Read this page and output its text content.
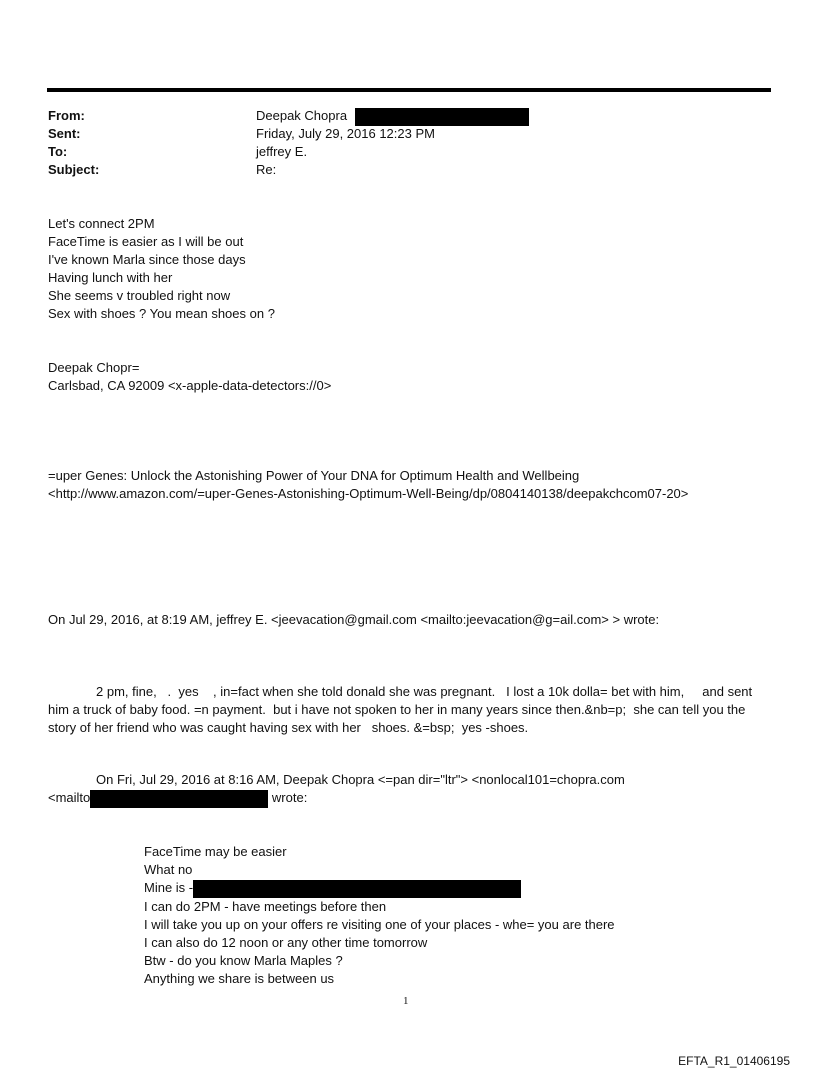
From:	Deepak Chopra
Sent:	Friday, July 29, 2016 12:23 PM
To:	jeffrey E.
Subject:	Re:
Let's connect 2PM
FaceTime is easier as I will be out
I've known Marla since those days
Having lunch with her
She seems v troubled right now
Sex with shoes ? You mean shoes on ?
Deepak Chopr=
Carlsbad, CA 92009 <x-apple-data-detectors://0>
=uper Genes: Unlock the Astonishing Power of Your DNA for Optimum Health and Wellbeing
<http://www.amazon.com/=uper-Genes-Astonishing-Optimum-Well-Being/dp/0804140138/deepakchcom07-20>
On Jul 29, 2016, at 8:19 AM, jeffrey E. <jeevacation@gmail.com <mailto:jeevacation@g=ail.com> > wrote:
2 pm, fine,   .  yes    , in=fact when she told donald she was pregnant.   I lost a 10k dolla= bet with him,     and sent him a truck of baby food. =n payment.  but i have not spoken to her in many years since then.&nb=p;  she can tell you the story of her friend who was caught having sex with her   shoes. &=bsp;  yes -shoes.
On Fri, Jul 29, 2016 at 8:16 AM, Deepak Chopra <=pan dir="ltr"> <nonlocal101=chopra.com
<mailto	wrote:
FaceTime may be easier
What no
Mine is -
I can do 2PM - have meetings before then
I will take you up on your offers re visiting one of your places - whe= you are there
I can also do 12 noon or any other time tomorrow
Btw - do you know Marla Maples ?
Anything we share is between us
1
EFTA_R1_01406195
